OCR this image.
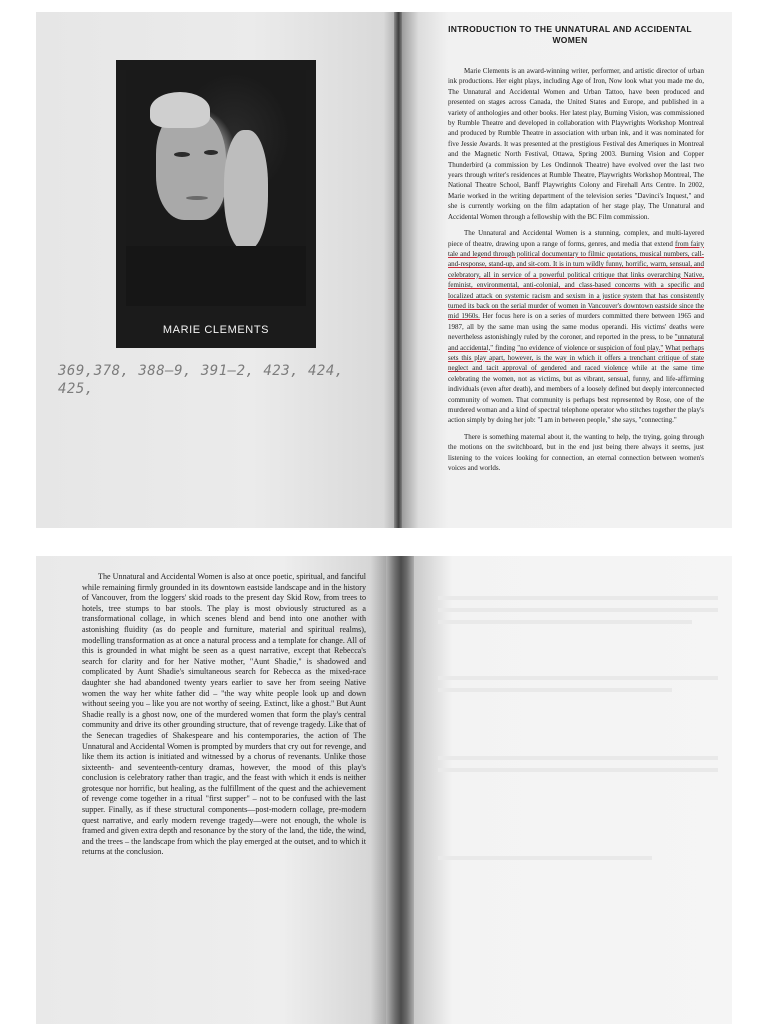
MARIE CLEMENTS
369,378, 388–9, 391–2, 423, 424, 425,
INTRODUCTION TO THE UNNATURAL AND ACCIDENTAL WOMEN

Marie Clements is an award-winning writer, performer, and artistic director of urban ink productions. Her eight plays, including Age of Iron, Now look what you made me do, The Unnatural and Accidental Women and Urban Tattoo, have been produced and presented on stages across Canada, the United States and Europe, and published in a variety of anthologies and other books. Her latest play, Burning Vision, was commissioned by Rumble Theatre and developed in collaboration with Playwrights Workshop Montreal and produced by Rumble Theatre in association with urban ink, and it was nominated for five Jessie Awards. It was presented at the prestigious Festival des Ameriques in Montreal and the Magnetic North Festival, Ottawa, Spring 2003. Burning Vision and Copper Thunderbird (a commission by Les Ondinnok Theatre) have evolved over the last two years through writer's residences at Rumble Theatre, Playwrights Workshop Montreal, The National Theatre School, Banff Playwrights Colony and Firehall Arts Centre. In 2002, Marie worked in the writing department of the television series "Davinci's Inquest," and she is currently working on the film adaptation of her stage play, The Unnatural and Accidental Women through a fellowship with the BC Film commission.

The Unnatural and Accidental Women is a stunning, complex, and multi-layered piece of theatre, drawing upon a range of forms, genres, and media that extend from fairy tale and legend through political documentary to filmic quotations, musical numbers, call-and-response, stand-up, and sit-com. It is in turn wildly funny, horrific, warm, sensual, and celebratory, all in service of a powerful political critique that links overarching Native, feminist, environmental, anti-colonial, and class-based concerns with a specific and localized attack on systemic racism and sexism in a justice system that has consistently turned its back on the serial murder of women in Vancouver's downtown eastside since the mid 1960s. Her focus here is on a series of murders committed there between 1965 and 1987, all by the same man using the same modus operandi. His victims' deaths were nevertheless astonishingly ruled by the coroner, and reported in the press, to be "unnatural and accidental," finding "no evidence of violence or suspicion of foul play." What perhaps sets this play apart, however, is the way in which it offers a trenchant critique of state neglect and tacit approval of gendered and raced violence while at the same time celebrating the women, not as victims, but as vibrant, sensual, funny, and life-affirming individuals (even after death), and members of a loosely defined but deeply interconnected community of women. That community is perhaps best represented by Rose, one of the murdered woman and a kind of spectral telephone operator who stitches together the play's action simply by doing her job: "I am in between people," she says, "connecting."

There is something maternal about it, the wanting to help, the trying, going through the motions on the switchboard, but in the end just being there always it seems, just listening to the voices looking for connection, an eternal connection between women's voices and worlds.

The Unnatural and Accidental Women is also at once poetic, spiritual, and fanciful while remaining firmly grounded in its downtown eastside landscape and in the history of Vancouver, from the loggers' skid roads to the present day Skid Row, from trees to hotels, tree stumps to bar stools. The play is most obviously structured as a transformational collage, in which scenes blend and bend into one another with astonishing fluidity (as do people and furniture, material and spiritual realms), modelling transformation as at once a natural process and a template for change. All of this is grounded in what might be seen as a quest narrative, except that Rebecca's search for clarity and for her Native mother, "Aunt Shadie," is shadowed and complicated by Aunt Shadie's simultaneous search for Rebecca as the mixed-race daughter she had abandoned twenty years earlier to save her from seeing Native women the way her white father did – "the way white people look up and down without seeing you – like you are not worthy of seeing. Extinct, like a ghost." But Aunt Shadie really is a ghost now, one of the murdered women that form the play's central community and drive its other grounding structure, that of revenge tragedy. Like that of the Senecan tragedies of Shakespeare and his contemporaries, the action of The Unnatural and Accidental Women is prompted by murders that cry out for revenge, and like them its action is initiated and witnessed by a chorus of revenants. Unlike those sixteenth- and seventeenth-century dramas, however, the mood of this play's conclusion is celebratory rather than tragic, and the feast with which it ends is neither grotesque nor horrific, but healing, as the fulfillment of the quest and the achievement of revenge come together in a ritual "first supper" – not to be confused with the last supper. Finally, as if these structural components—post-modern collage, pre-modern quest narrative, and early modern revenge tragedy—were not enough, the whole is framed and given extra depth and resonance by the story of the land, the tide, the wind, and the trees – the landscape from which the play emerged at the outset, and to which it returns at the conclusion.
